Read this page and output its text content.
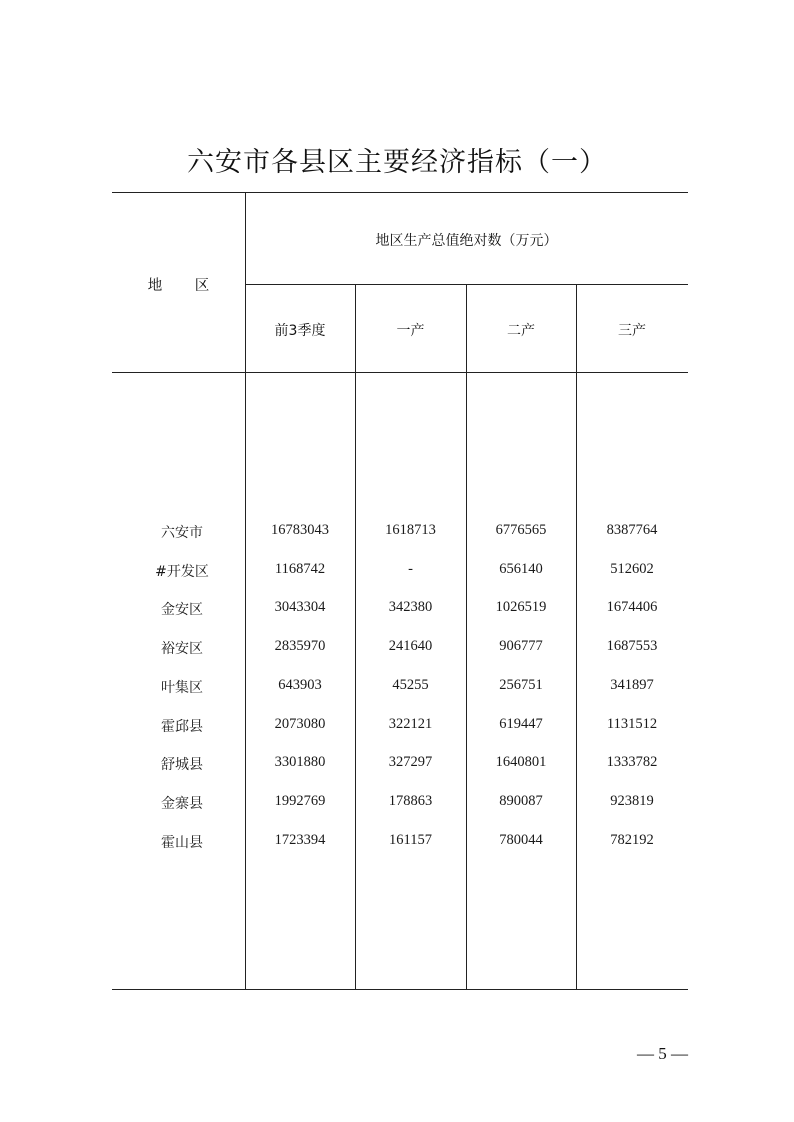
六安市各县区主要经济指标（一）
地 区
地区生产总值绝对数（万元）
前3季度	一产	二产	三产
六安市	16783043	1618713	6776565	8387764
#开发区	1168742	-	656140	512602
金安区	3043304	342380	1026519	1674406
裕安区	2835970	241640	906777	1687553
叶集区	643903	45255	256751	341897
霍邱县	2073080	322121	619447	1131512
舒城县	3301880	327297	1640801	1333782
金寨县	1992769	178863	890087	923819
霍山县	1723394	161157	780044	782192
— 5 —
